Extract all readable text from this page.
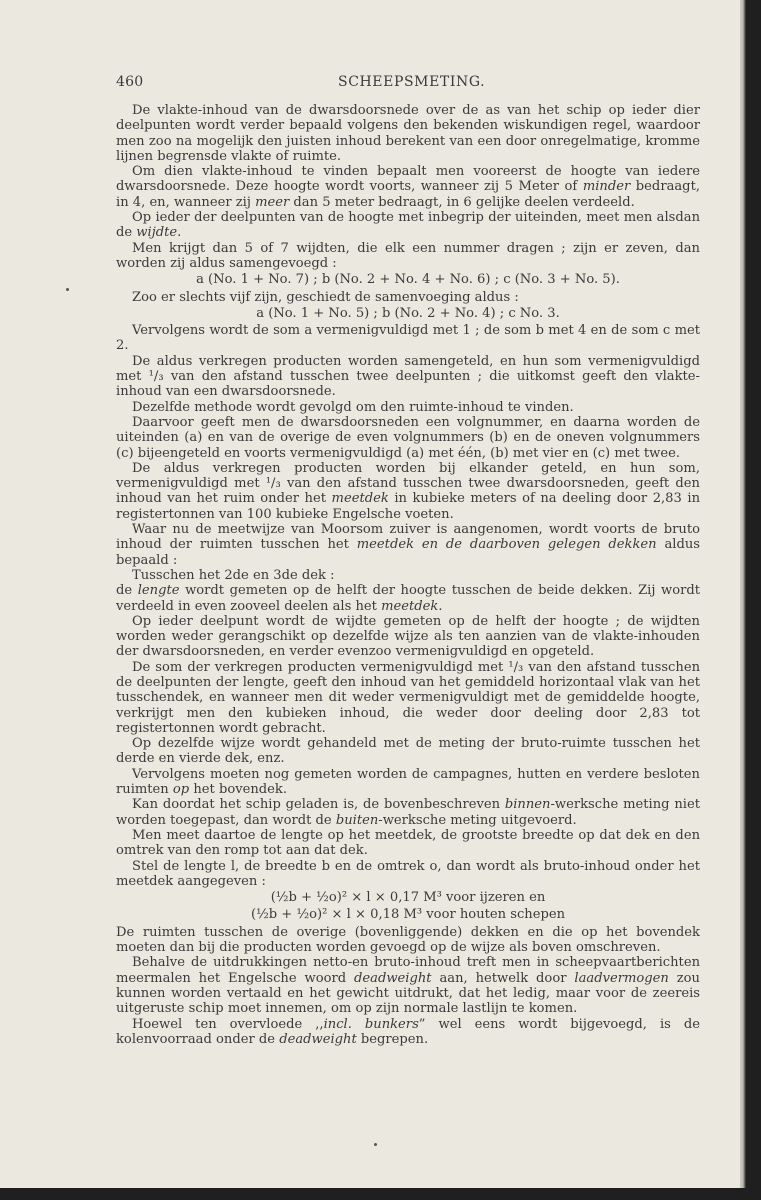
460	SCHEEPSMETING.

De vlakte-inhoud van de dwarsdoorsnede over de as van het schip op ieder dier deelpunten wordt verder bepaald volgens den bekenden wiskundigen regel, waardoor men zoo na mogelijk den juisten inhoud berekent van een door onregelmatige, kromme lijnen begrensde vlakte of ruimte.

Om dien vlakte-inhoud te vinden bepaalt men vooreerst de hoogte van iedere dwarsdoorsnede. Deze hoogte wordt voorts, wanneer zij 5 Meter of minder bedraagt, in 4, en, wanneer zij meer dan 5 meter bedraagt, in 6 gelijke deelen verdeeld.

Op ieder der deelpunten van de hoogte met inbegrip der uiteinden, meet men alsdan de wijdte.

Men krijgt dan 5 of 7 wijdten, die elk een nummer dragen ; zijn er zeven, dan worden zij aldus samengevoegd :

a (No. 1 + No. 7) ; b (No. 2 + No. 4 + No. 6) ; c (No. 3 + No. 5).

Zoo er slechts vijf zijn, geschiedt de samenvoeging aldus :

a (No. 1 + No. 5) ; b (No. 2 + No. 4) ; c No. 3.

Vervolgens wordt de som a vermenigvuldigd met 1 ; de som b met 4 en de som c met 2.

De aldus verkregen producten worden samengeteld, en hun som vermenigvuldigd met ¹/₃ van den afstand tusschen twee deelpunten ; die uitkomst geeft den vlakte-inhoud van een dwarsdoorsnede.

Dezelfde methode wordt gevolgd om den ruimte-inhoud te vinden.

Daarvoor geeft men de dwarsdoorsneden een volgnummer, en daarna worden de uiteinden (a) en van de overige de even volgnummers (b) en de oneven volgnummers (c) bijeengeteld en voorts vermenigvuldigd (a) met één, (b) met vier en (c) met twee.

De aldus verkregen producten worden bij elkander geteld, en hun som, vermenigvuldigd met ¹/₃ van den afstand tusschen twee dwarsdoorsneden, geeft den inhoud van het ruim onder het meetdek in kubieke meters of na deeling door 2,83 in registertonnen van 100 kubieke Engelsche voeten.

Waar nu de meetwijze van Moorsom zuiver is aangenomen, wordt voorts de bruto inhoud der ruimten tusschen het meetdek en de daarboven gelegen dekken aldus bepaald :

Tusschen het 2de en 3de dek :

de lengte wordt gemeten op de helft der hoogte tusschen de beide dekken. Zij wordt verdeeld in even zooveel deelen als het meetdek.

Op ieder deelpunt wordt de wijdte gemeten op de helft der hoogte ; de wijdten worden weder gerangschikt op dezelfde wijze als ten aanzien van de vlakte-inhouden der dwarsdoorsneden, en verder evenzoo vermenigvuldigd en opgeteld.

De som der verkregen producten vermenigvuldigd met ¹/₃ van den afstand tusschen de deelpunten der lengte, geeft den inhoud van het gemiddeld horizontaal vlak van het tusschendek, en wanneer men dit weder vermenigvuldigt met de gemiddelde hoogte, verkrijgt men den kubieken inhoud, die weder door deeling door 2,83 tot registertonnen wordt gebracht.

Op dezelfde wijze wordt gehandeld met de meting der bruto-ruimte tusschen het derde en vierde dek, enz.

Vervolgens moeten nog gemeten worden de campagnes, hutten en verdere besloten ruimten op het bovendek.

Kan doordat het schip geladen is, de bovenbeschreven binnen-werksche meting niet worden toegepast, dan wordt de buiten-werksche meting uitgevoerd.

Men meet daartoe de lengte op het meetdek, de grootste breedte op dat dek en den omtrek van den romp tot aan dat dek.

Stel de lengte l, de breedte b en de omtrek o, dan wordt als bruto-inhoud onder het meetdek aangegeven :

(½b + ½o)² × l × 0,17 M³ voor ijzeren en

(½b + ½o)² × l × 0,18 M³ voor houten schepen

De ruimten tusschen de overige (bovenliggende) dekken en die op het bovendek moeten dan bij die producten worden gevoegd op de wijze als boven omschreven.

Behalve de uitdrukkingen netto-en bruto-inhoud treft men in scheepvaartberichten meermalen het Engelsche woord deadweight aan, hetwelk door laadvermogen zou kunnen worden vertaald en het gewicht uitdrukt, dat het ledig, maar voor de zeereis uitgeruste schip moet innemen, om op zijn normale lastlijn te komen.

Hoewel ten overvloede ,,incl. bunkers” wel eens wordt bijgevoegd, is de kolenvoorraad onder de deadweight begrepen.
